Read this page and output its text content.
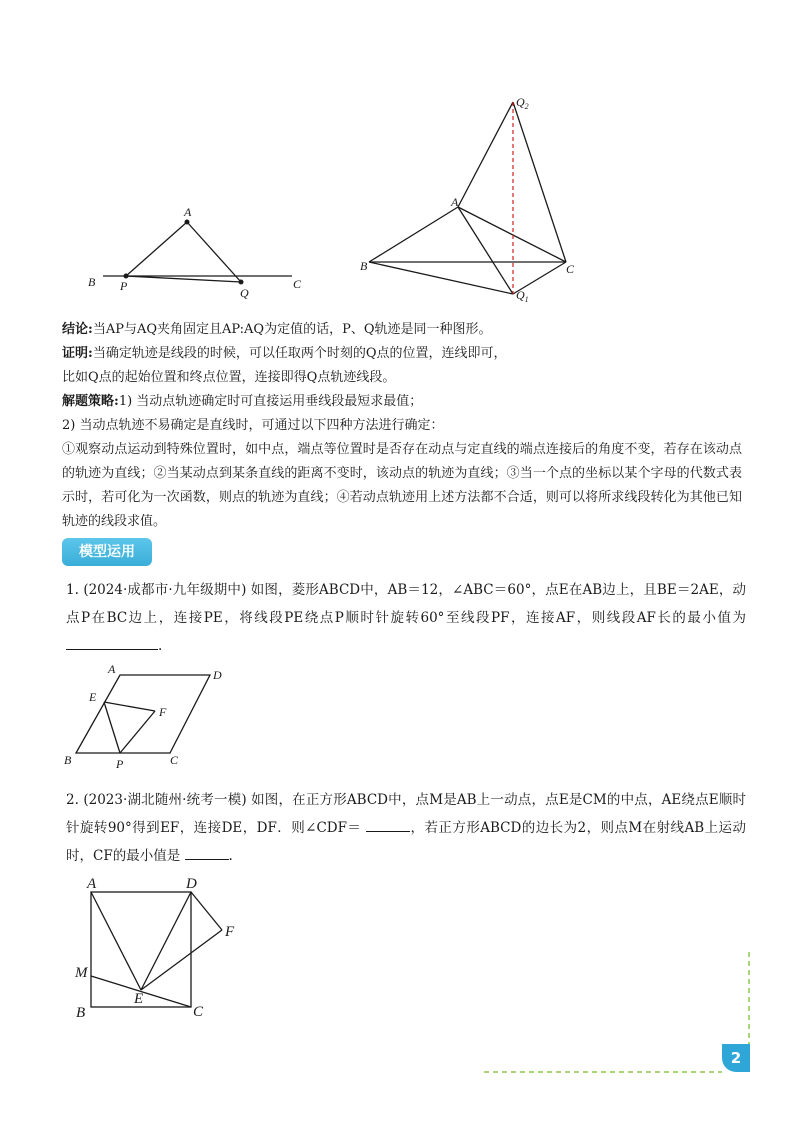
A
B P	Q
C
$Q_2$
A
B	C
$Q_1$
A	D
E
F
B	P	C
A	D
F
M
E
B	C
结论:当AP与AQ夹角固定且AP:AQ为定值的话，P、Q轨迹是同一种图形。
证明:当确定轨迹是线段的时候，可以任取两个时刻的Q点的位置，连线即可，
比如Q点的起始位置和终点位置，连接即得Q点轨迹线段。
解题策略:1) 当动点轨迹确定时可直接运用垂线段最短求最值；
2) 当动点轨迹不易确定是直线时，可通过以下四种方法进行确定：
①观察动点运动到特殊位置时，如中点，端点等位置时是否存在动点与定直线的端点连接后的角度不变，若存在该动点的轨迹为直线；②当某动点到某条直线的距离不变时，该动点的轨迹为直线；③当一个点的坐标以某个字母的代数式表示时，若可化为一次函数，则点的轨迹为直线；④若动点轨迹用上述方法都不合适，则可以将所求线段转化为其他已知轨迹的线段求值。
模型运用
1. (2024·成都市·九年级期中) 如图，菱形ABCD中，AB＝12，∠ABC＝60°，点E在AB边上，且BE＝2AE，动点P在BC边上，连接PE，将线段PE绕点P顺时针旋转60°至线段PF，连接AF，则线段AF长的最小值为 .
2. (2023·湖北随州·统考一模) 如图，在正方形ABCD中，点M是AB上一动点，点E是CM的中点，AE绕点E顺时针旋转90°得到EF，连接DE，DF．则∠CDF＝	，若正方形ABCD的边长为2，则点M在射线AB上运动时，CF的最小值是	.
2
